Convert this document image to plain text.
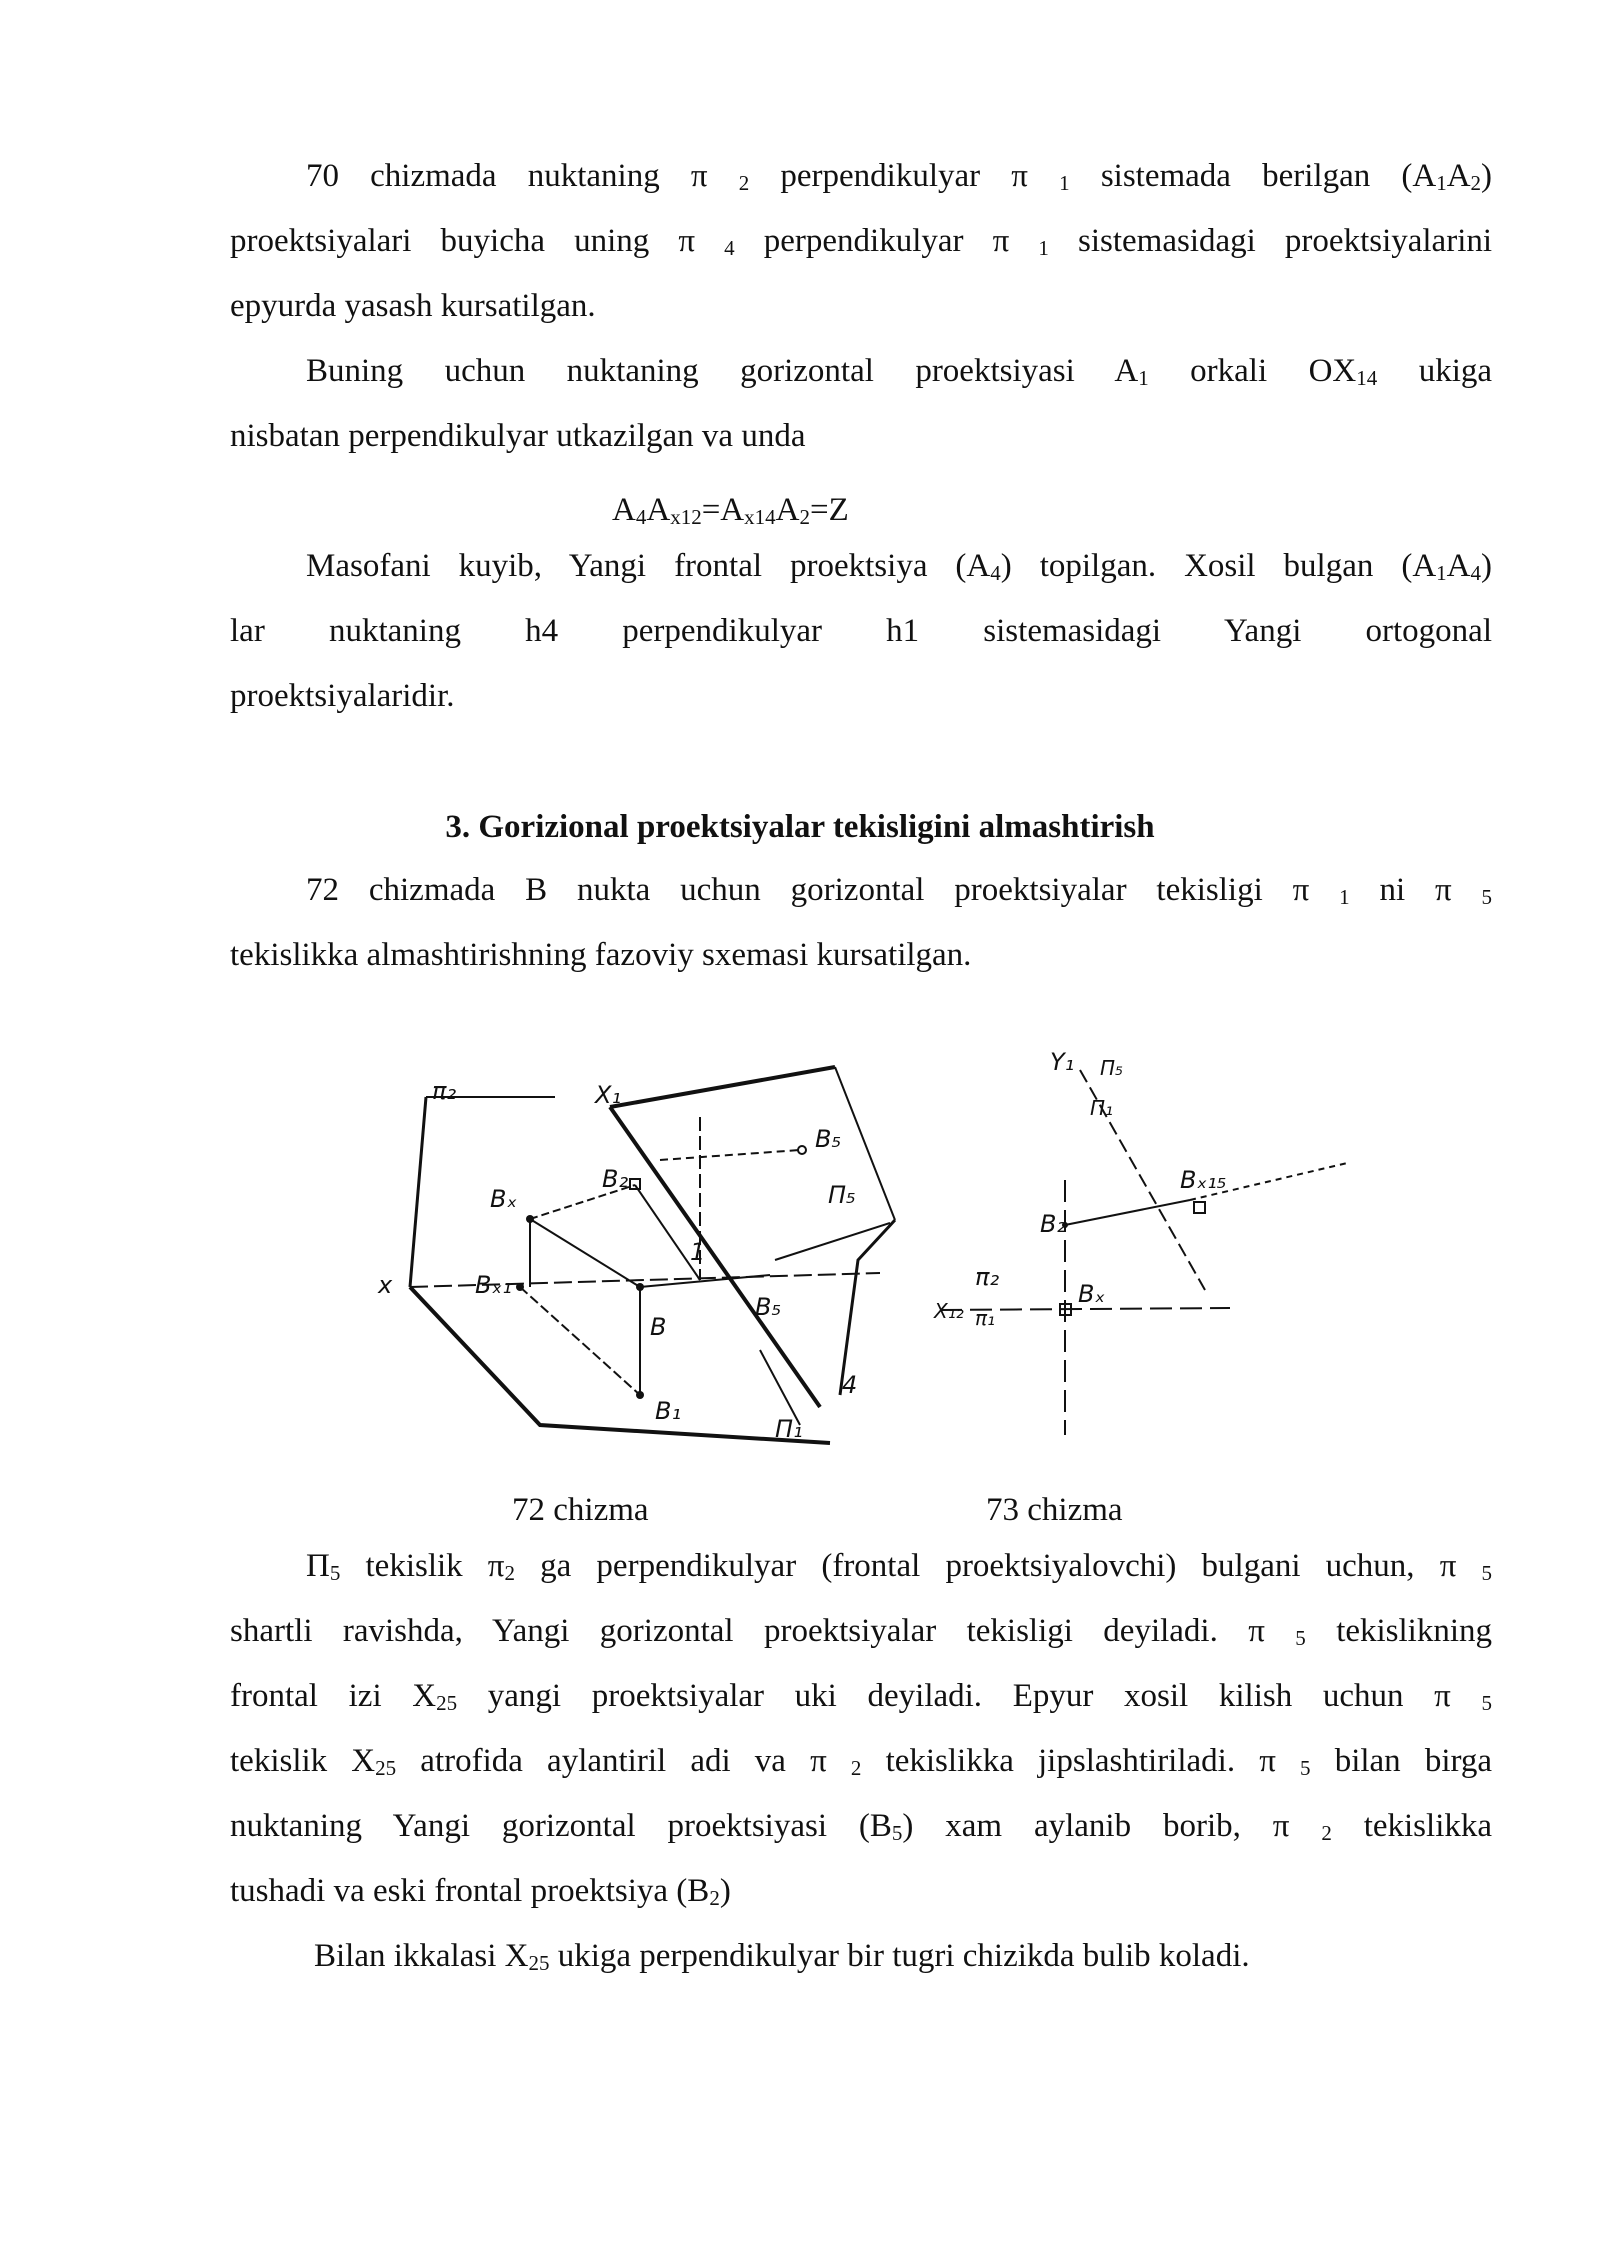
70 chizmada nuktaning π $_2$ perpendikulyar π $_1$ sistemada berilgan $(A_1A_2)$
proektsiyalari buyicha uning π $_4$ perpendikulyar π $_1$ sistemasidagi proektsiyalarini
epyurda yasash kursatilgan.
Buning uchun nuktaning gorizontal proektsiyasi $A_1$ orkali $OX_{14}$ ukiga
nisbatan perpendikulyar utkazilgan va unda
$A_4A_{x12}=A_{x14}A_2=Z$
Masofani kuyib, Yangi frontal proektsiya $(A_4)$ topilgan. Xosil bulgan $(A_1A_4)$
lar nuktaning h4 perpendikulyar h1 sistemasidagi Yangi ortogonal
proektsiyalaridir.
3. Gorizional proektsiyalar tekisligini almashtirish
72 chizmada B nukta uchun gorizontal proektsiyalar tekisligi π $_1$ ni π $_5$
tekislikka almashtirishning fazoviy sxemasi kursatilgan.
π₂	X₁
B₅
Π₅
Bₓ
B₂
x	Bₓ₁
B
B₁
Π₁
B₅
1
4
Y₁ Π₅
Π₁
Bₓ₁₅
B₂
π₂
X₁₂ π₁
Bₓ
72 chizma	73 chizma
$\Pi_5$ tekislik $\pi_2$ ga perpendikulyar (frontal proektsiyalovchi) bulgani uchun, π $_5$
shartli ravishda, Yangi gorizontal proektsiyalar tekisligi deyiladi. π $_5$ tekislikning
frontal izi $X_{25}$ yangi proektsiyalar uki deyiladi. Epyur xosil kilish uchun π $_5$
tekislik $X_{25}$ atrofida aylantiril adi va π $_2$ tekislikka jipslashtiriladi. π $_5$ bilan birga
nuktaning Yangi gorizontal proektsiyasi $(B_5)$ xam aylanib borib, π $_2$ tekislikka
tushadi va eski frontal proektsiya $(B_2)$
Bilan ikkalasi $X_{25}$ ukiga perpendikulyar bir tugri chizikda bulib koladi.
